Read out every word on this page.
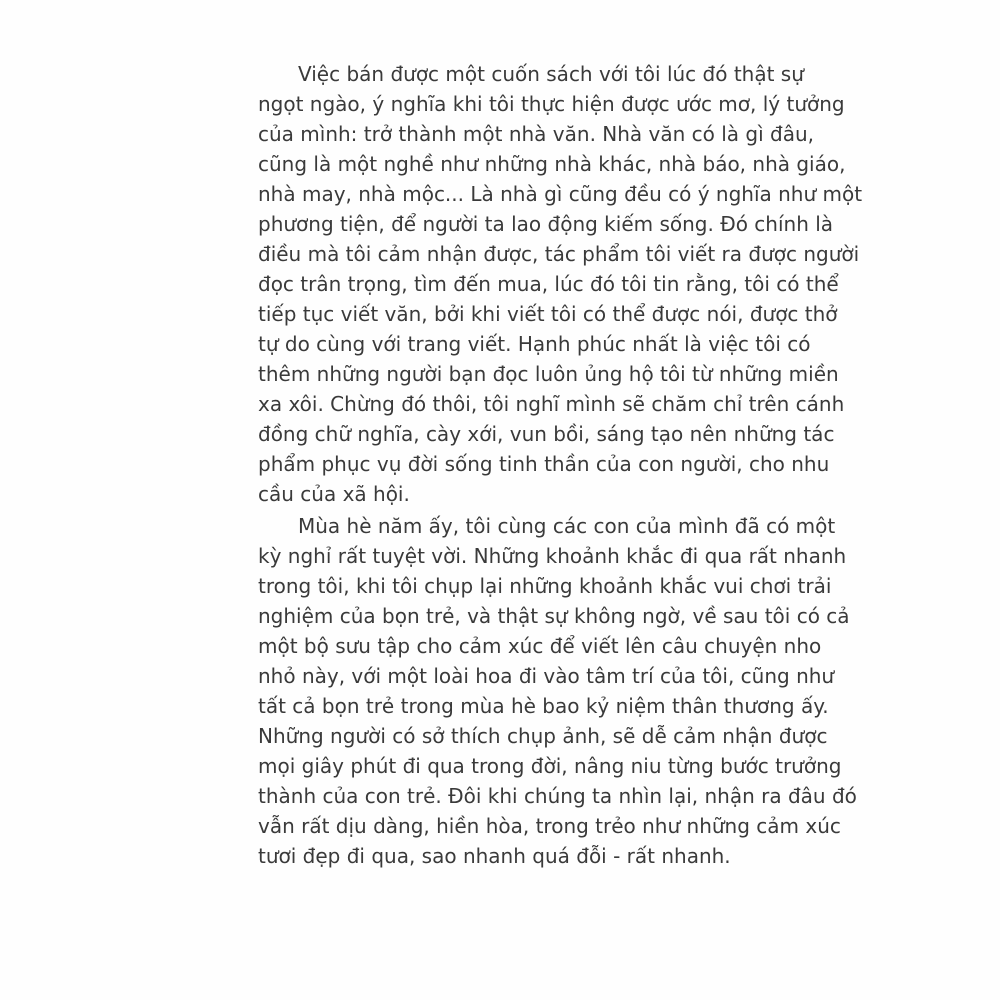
Việc bán được một cuốn sách với tôi lúc đó thật sự
ngọt ngào, ý nghĩa khi tôi thực hiện được ước mơ, lý tưởng
của mình: trở thành một nhà văn. Nhà văn có là gì đâu,
cũng là một nghề như những nhà khác, nhà báo, nhà giáo,
nhà may, nhà mộc... Là nhà gì cũng đều có ý nghĩa như một
phương tiện, để người ta lao động kiếm sống. Đó chính là
điều mà tôi cảm nhận được, tác phẩm tôi viết ra được người
đọc trân trọng, tìm đến mua, lúc đó tôi tin rằng, tôi có thể
tiếp tục viết văn, bởi khi viết tôi có thể được nói, được thở
tự do cùng với trang viết. Hạnh phúc nhất là việc tôi có
thêm những người bạn đọc luôn ủng hộ tôi từ những miền
xa xôi. Chừng đó thôi, tôi nghĩ mình sẽ chăm chỉ trên cánh
đồng chữ nghĩa, cày xới, vun bồi, sáng tạo nên những tác
phẩm phục vụ đời sống tinh thần của con người, cho nhu
cầu của xã hội.
Mùa hè năm ấy, tôi cùng các con của mình đã có một
kỳ nghỉ rất tuyệt vời. Những khoảnh khắc đi qua rất nhanh
trong tôi, khi tôi chụp lại những khoảnh khắc vui chơi trải
nghiệm của bọn trẻ, và thật sự không ngờ, về sau tôi có cả
một bộ sưu tập cho cảm xúc để viết lên câu chuyện nho
nhỏ này, với một loài hoa đi vào tâm trí của tôi, cũng như
tất cả bọn trẻ trong mùa hè bao kỷ niệm thân thương ấy.
Những người có sở thích chụp ảnh, sẽ dễ cảm nhận được
mọi giây phút đi qua trong đời, nâng niu từng bước trưởng
thành của con trẻ. Đôi khi chúng ta nhìn lại, nhận ra đâu đó
vẫn rất dịu dàng, hiền hòa, trong trẻo như những cảm xúc
tươi đẹp đi qua, sao nhanh quá đỗi - rất nhanh.
